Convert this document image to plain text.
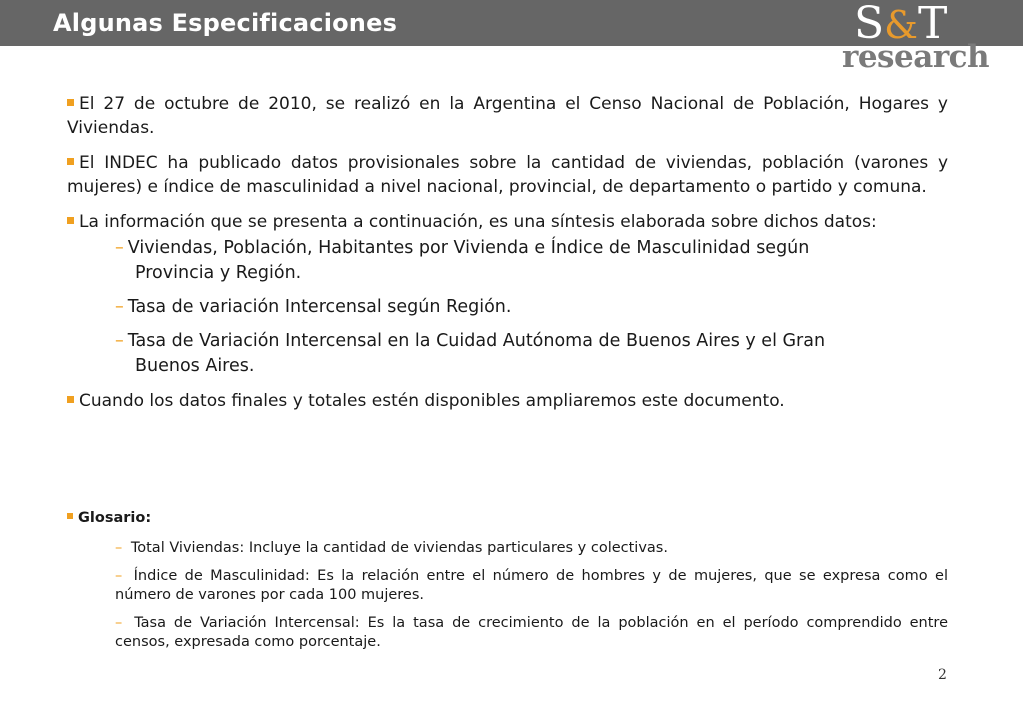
Algunas Especificaciones	S&T
research

El 27 de octubre de 2010, se realizó en la Argentina el Censo Nacional de Población, Hogares y Viviendas.

El INDEC ha publicado datos provisionales sobre la cantidad de viviendas, población (varones y mujeres) e índice de masculinidad a nivel nacional, provincial, de departamento o partido y comuna.

La información que se presenta a continuación, es una síntesis elaborada sobre dichos datos:

– Viviendas, Población, Habitantes por Vivienda e Índice de Masculinidad según
Provincia y Región.
– Tasa de variación Intercensal según Región.
– Tasa de Variación Intercensal en la Cuidad Autónoma de Buenos Aires y el Gran
Buenos Aires.

Cuando los datos finales y totales estén disponibles ampliaremos este documento.

Glosario:

– Total Viviendas: Incluye la cantidad de viviendas particulares y colectivas.

– Índice de Masculinidad: Es la relación entre el número de hombres y de mujeres, que se expresa como el número de varones por cada 100 mujeres.

– Tasa de Variación Intercensal: Es la tasa de crecimiento de la población en el período comprendido entre censos, expresada como porcentaje.

2
